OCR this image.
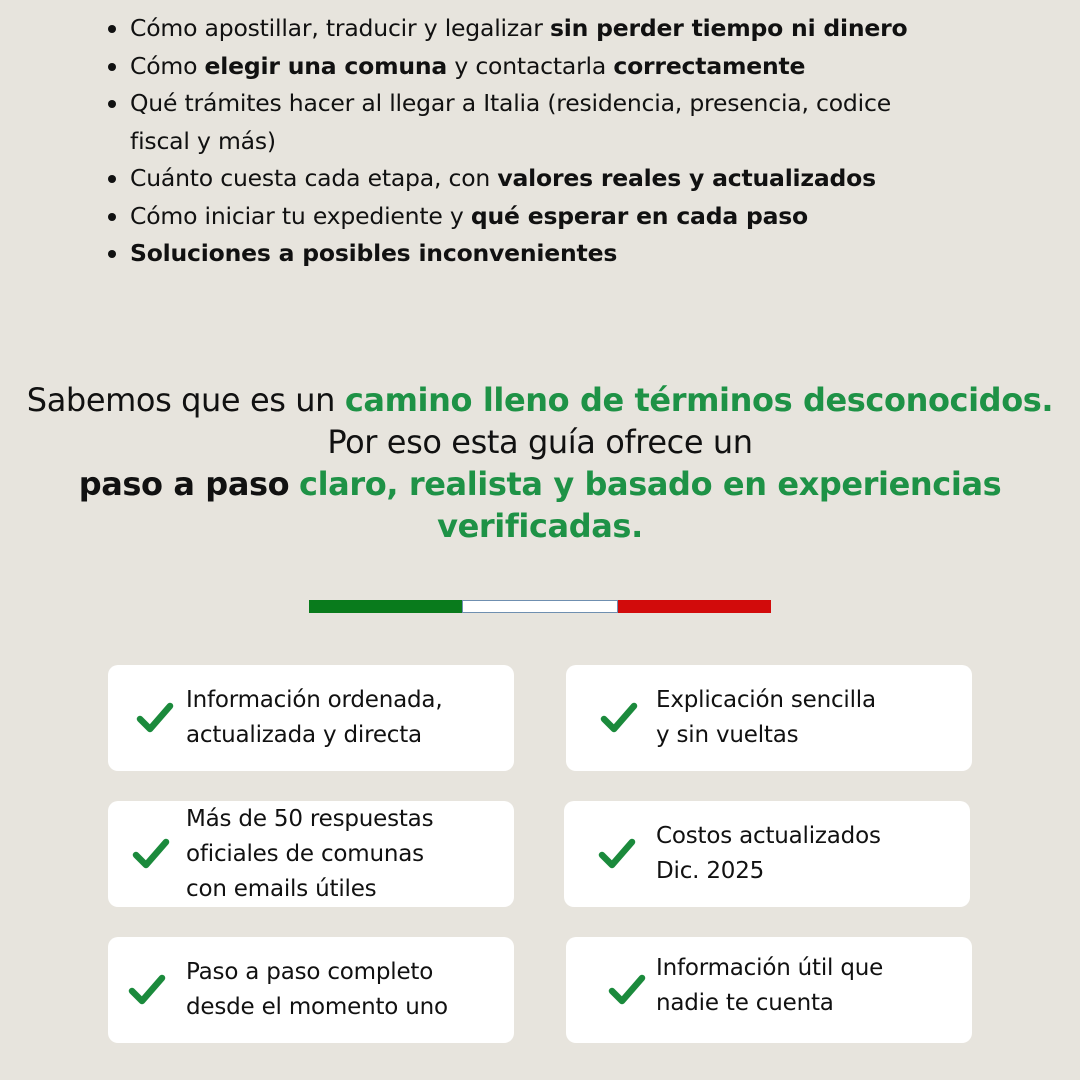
Cómo apostillar, traducir y legalizar sin perder tiempo ni dinero
Cómo elegir una comuna y contactarla correctamente
Qué trámites hacer al llegar a Italia (residencia, presencia, codice fiscal y más)
Cuánto cuesta cada etapa, con valores reales y actualizados
Cómo iniciar tu expediente y qué esperar en cada paso
Soluciones a posibles inconvenientes
Sabemos que es un camino lleno de términos desconocidos.
Por eso esta guía ofrece un
paso a paso claro, realista y basado en experiencias verificadas.
Información ordenada,
actualizada y directa
Explicación sencilla
y sin vueltas
Más de 50 respuestas
oficiales de comunas
con emails útiles
Costos actualizados
Dic. 2025
Paso a paso completo
desde el momento uno
Información útil que
nadie te cuenta
